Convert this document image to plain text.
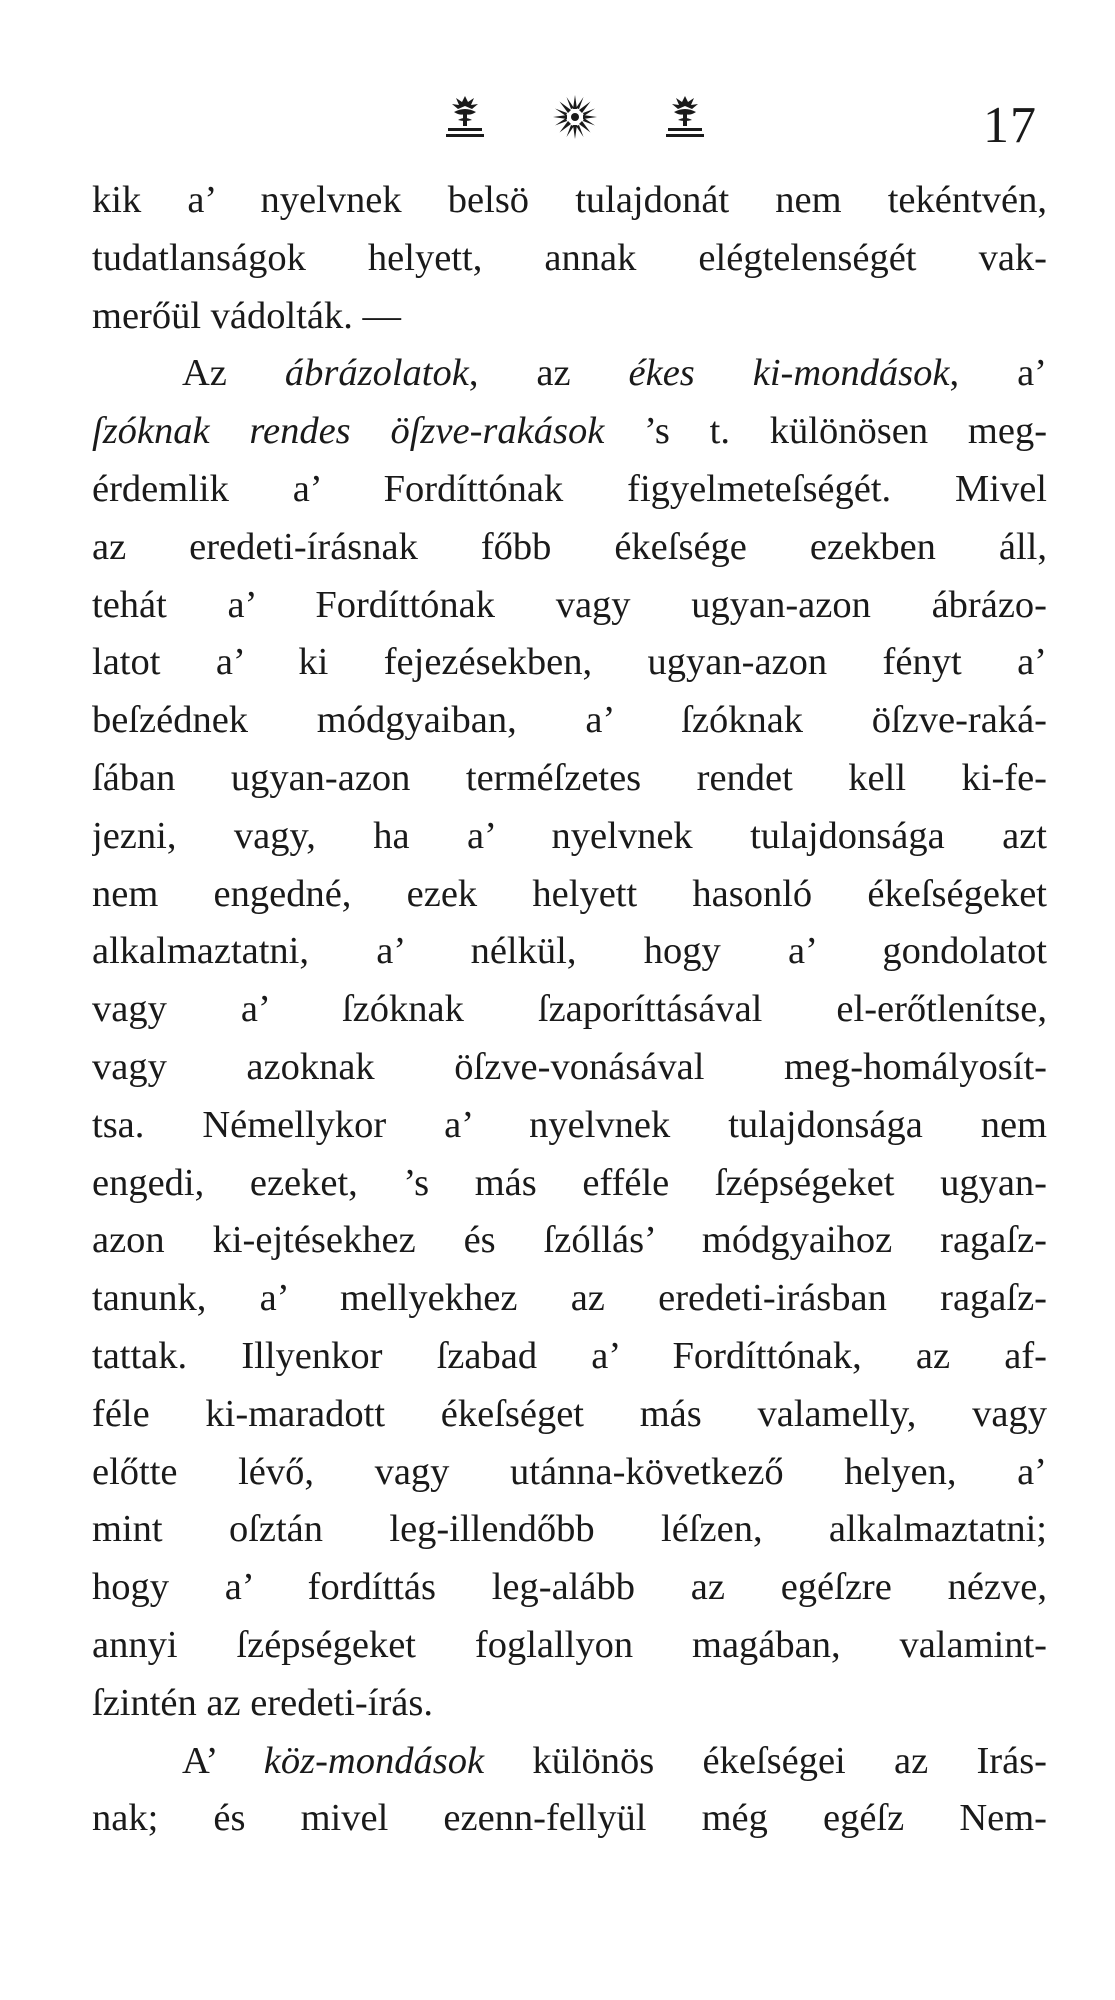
17
kik a’ nyelvnek belsö tulajdonát nem tekéntvén,
tudatlanságok helyett, annak elégtelenségét vak-
merőül vádolták. —
Az ábrázolatok, az ékes ki-mondások, a’
ſzóknak rendes öſzve-rakások ’s t. különösen meg-
érdemlik a’ Fordíttónak figyelmeteſségét. Mivel
az eredeti-írásnak főbb ékeſsége ezekben áll,
tehát a’ Fordíttónak vagy ugyan-azon ábrázo-
latot a’ ki fejezésekben, ugyan-azon fényt a’
beſzédnek módgyaiban, a’ ſzóknak öſzve-raká-
ſában ugyan-azon terméſzetes rendet kell ki-fe-
jezni, vagy, ha a’ nyelvnek tulajdonsága azt
nem engedné, ezek helyett hasonló ékeſségeket
alkalmaztatni, a’ nélkül, hogy a’ gondolatot
vagy a’ ſzóknak ſzaporíttásával el-erőtlenítse,
vagy azoknak öſzve-vonásával meg-homályosít-
tsa. Némellykor a’ nyelvnek tulajdonsága nem
engedi, ezeket, ’s más efféle ſzépségeket ugyan-
azon ki-ejtésekhez és ſzóllás’ módgyaihoz ragaſz-
tanunk, a’ mellyekhez az eredeti-irásban ragaſz-
tattak. Illyenkor ſzabad a’ Fordíttónak, az af-
féle ki-maradott ékeſséget más valamelly, vagy
előtte lévő, vagy utánna-következő helyen, a’
mint oſztán leg-illendőbb léſzen, alkalmaztatni;
hogy a’ fordíttás leg-alább az egéſzre nézve,
annyi ſzépségeket foglallyon magában, valamint-
ſzintén az eredeti-írás.
A’ köz-mondások különös ékeſségei az Irás-
nak; és mivel ezenn-fellyül még egéſz Nem-
